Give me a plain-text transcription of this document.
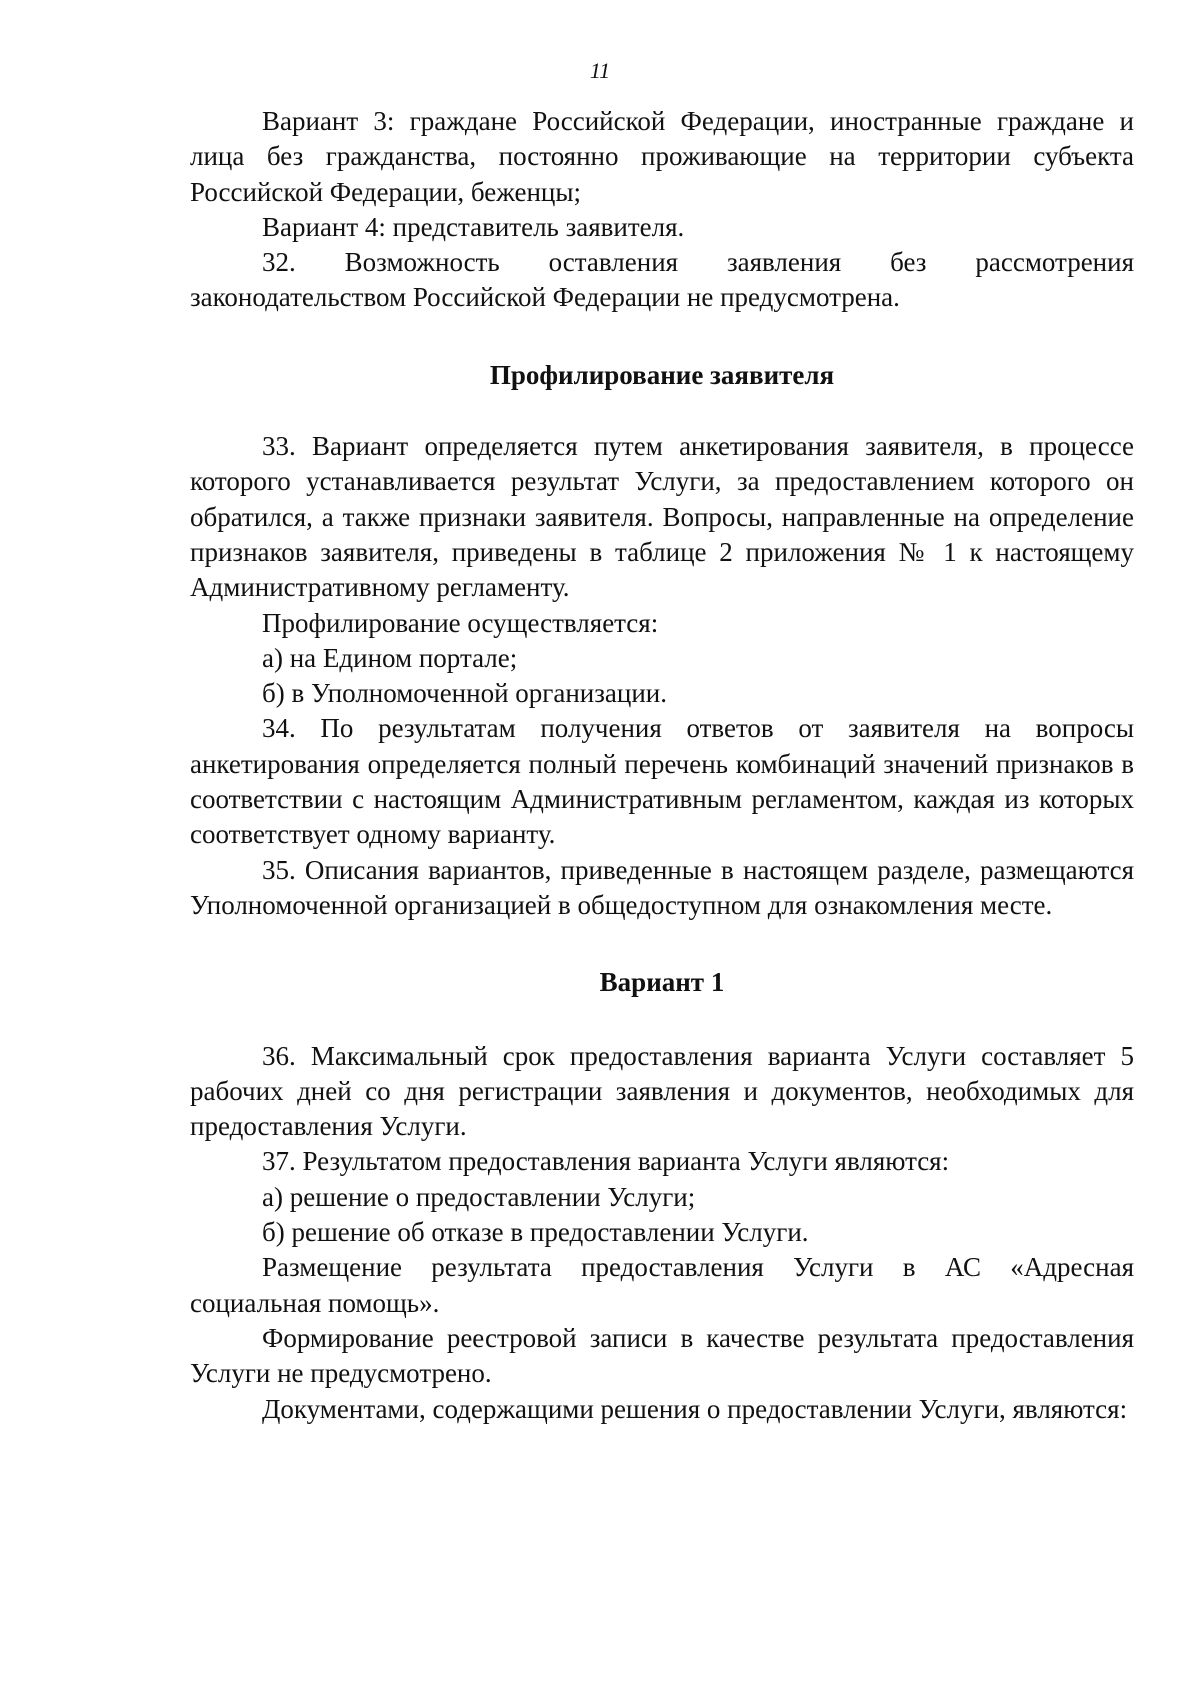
11

Вариант 3: граждане Российской Федерации, иностранные граждане и лица без гражданства, постоянно проживающие на территории субъекта Российской Федерации, беженцы;

Вариант 4: представитель заявителя.

32. Возможность оставления заявления без рассмотрения законодательством Российской Федерации не предусмотрена.

Профилирование заявителя

33. Вариант определяется путем анкетирования заявителя, в процессе которого устанавливается результат Услуги, за предоставлением которого он обратился, а также признаки заявителя. Вопросы, направленные на определение признаков заявителя, приведены в таблице 2 приложения № 1 к настоящему Административному регламенту.

Профилирование осуществляется:

а) на Едином портале;

б) в Уполномоченной организации.

34. По результатам получения ответов от заявителя на вопросы анкетирования определяется полный перечень комбинаций значений признаков в соответствии с настоящим Административным регламентом, каждая из которых соответствует одному варианту.

35. Описания вариантов, приведенные в настоящем разделе, размещаются Уполномоченной организацией в общедоступном для ознакомления месте.

Вариант 1

36. Максимальный срок предоставления варианта Услуги составляет 5 рабочих дней со дня регистрации заявления и документов, необходимых для предоставления Услуги.

37. Результатом предоставления варианта Услуги являются:

а) решение о предоставлении Услуги;

б) решение об отказе в предоставлении Услуги.

Размещение результата предоставления Услуги в АС «Адресная социальная помощь».

Формирование реестровой записи в качестве результата предоставления Услуги не предусмотрено.

Документами, содержащими решения о предоставлении Услуги, являются:
